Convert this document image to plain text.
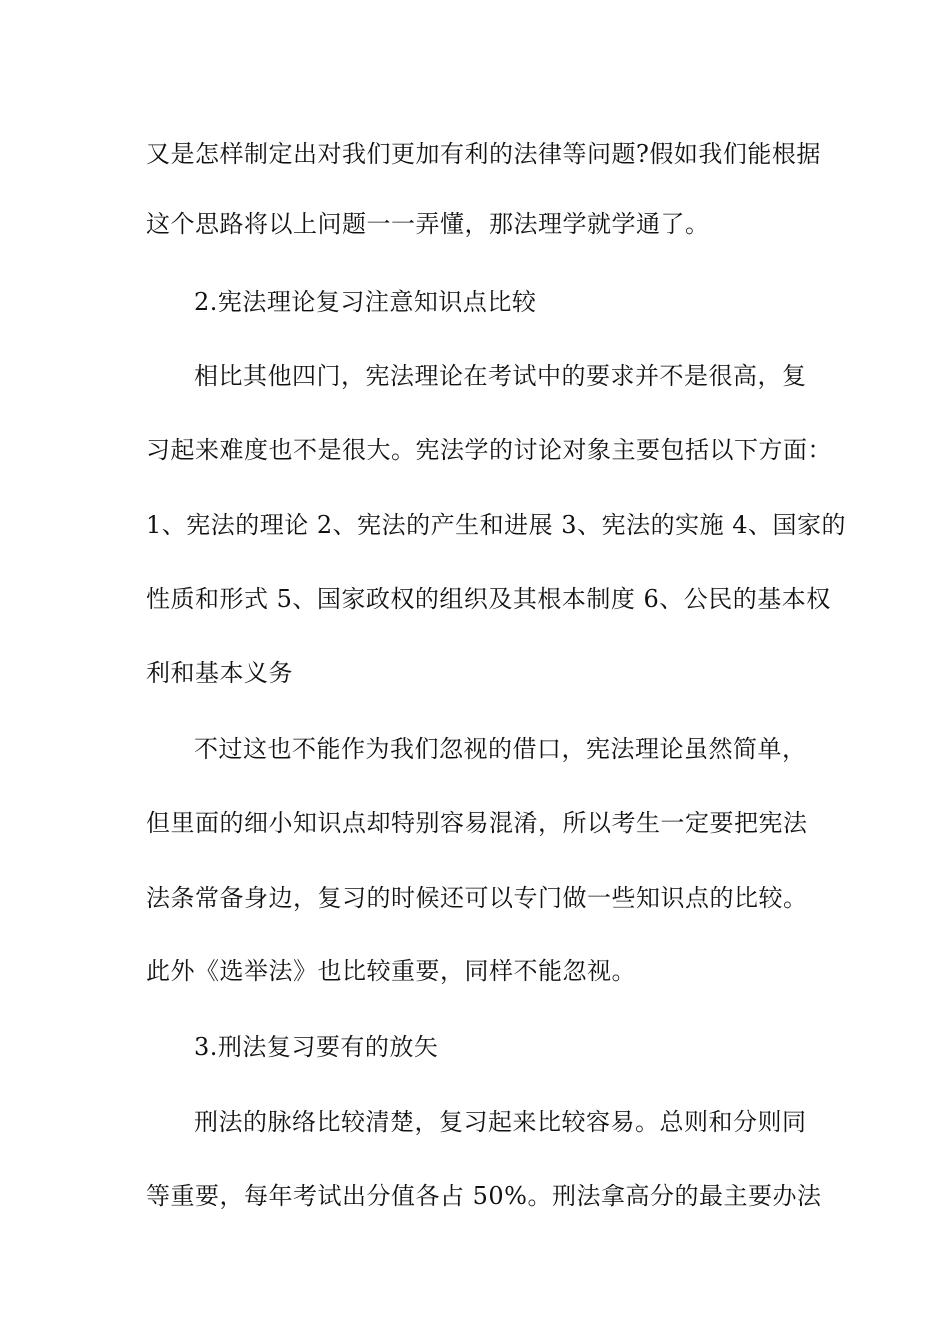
又是怎样制定出对我们更加有利的法律等问题?假如我们能根据
这个思路将以上问题一一弄懂，那法理学就学通了。
2.宪法理论复习注意知识点比较
相比其他四门，宪法理论在考试中的要求并不是很高，复
习起来难度也不是很大。宪法学的讨论对象主要包括以下方面：
1、宪法的理论 2、宪法的产生和进展 3、宪法的实施 4、国家的
性质和形式 5、国家政权的组织及其根本制度 6、公民的基本权
利和基本义务
不过这也不能作为我们忽视的借口，宪法理论虽然简单，
但里面的细小知识点却特别容易混淆，所以考生一定要把宪法
法条常备身边，复习的时候还可以专门做一些知识点的比较。
此外《选举法》也比较重要，同样不能忽视。
3.刑法复习要有的放矢
刑法的脉络比较清楚，复习起来比较容易。总则和分则同
等重要，每年考试出分值各占 50%。刑法拿高分的最主要办法
